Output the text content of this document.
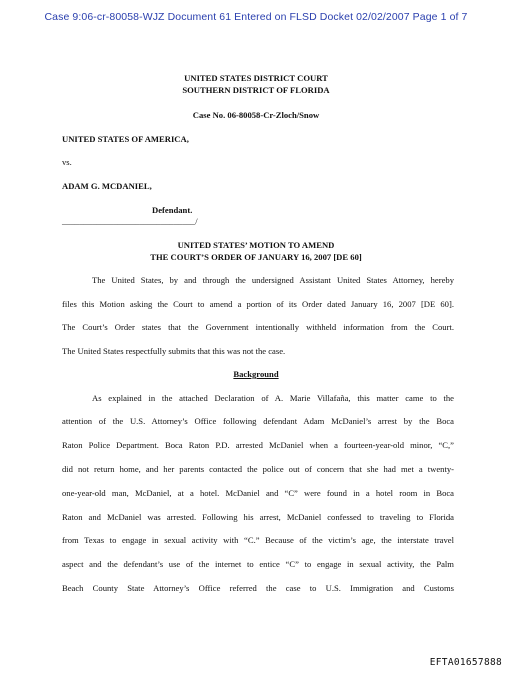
Case 9:06-cr-80058-WJZ Document 61 Entered on FLSD Docket 02/02/2007 Page 1 of 7
UNITED STATES DISTRICT COURT
SOUTHERN DISTRICT OF FLORIDA
Case No. 06-80058-Cr-Zloch/Snow
UNITED STATES OF AMERICA,
vs.
ADAM G. MCDANIEL,
Defendant.
_______________________________/
UNITED STATES’ MOTION TO AMEND
THE COURT’S ORDER OF JANUARY 16, 2007 [DE 60]
The United States, by and through the undersigned Assistant United States Attorney, hereby
files this Motion asking the Court to amend a portion of its Order dated January 16, 2007 [DE 60].
The Court’s Order states that the Government intentionally withheld information from the Court.
The United States respectfully submits that this was not the case.
Background
As explained in the attached Declaration of A. Marie Villafaña, this matter came to the
attention of the U.S. Attorney’s Office following defendant Adam McDaniel’s arrest by the Boca
Raton Police Department. Boca Raton P.D. arrested McDaniel when a fourteen-year-old minor, “C,”
did not return home, and her parents contacted the police out of concern that she had met a twenty-
one-year-old man, McDaniel, at a hotel. McDaniel and “C” were found in a hotel room in Boca
Raton and McDaniel was arrested. Following his arrest, McDaniel confessed to traveling to Florida
from Texas to engage in sexual activity with “C.” Because of the victim’s age, the interstate travel
aspect and the defendant’s use of the internet to entice “C” to engage in sexual activity, the Palm
Beach County State Attorney’s Office referred the case to U.S. Immigration and Customs
EFTA01657888
